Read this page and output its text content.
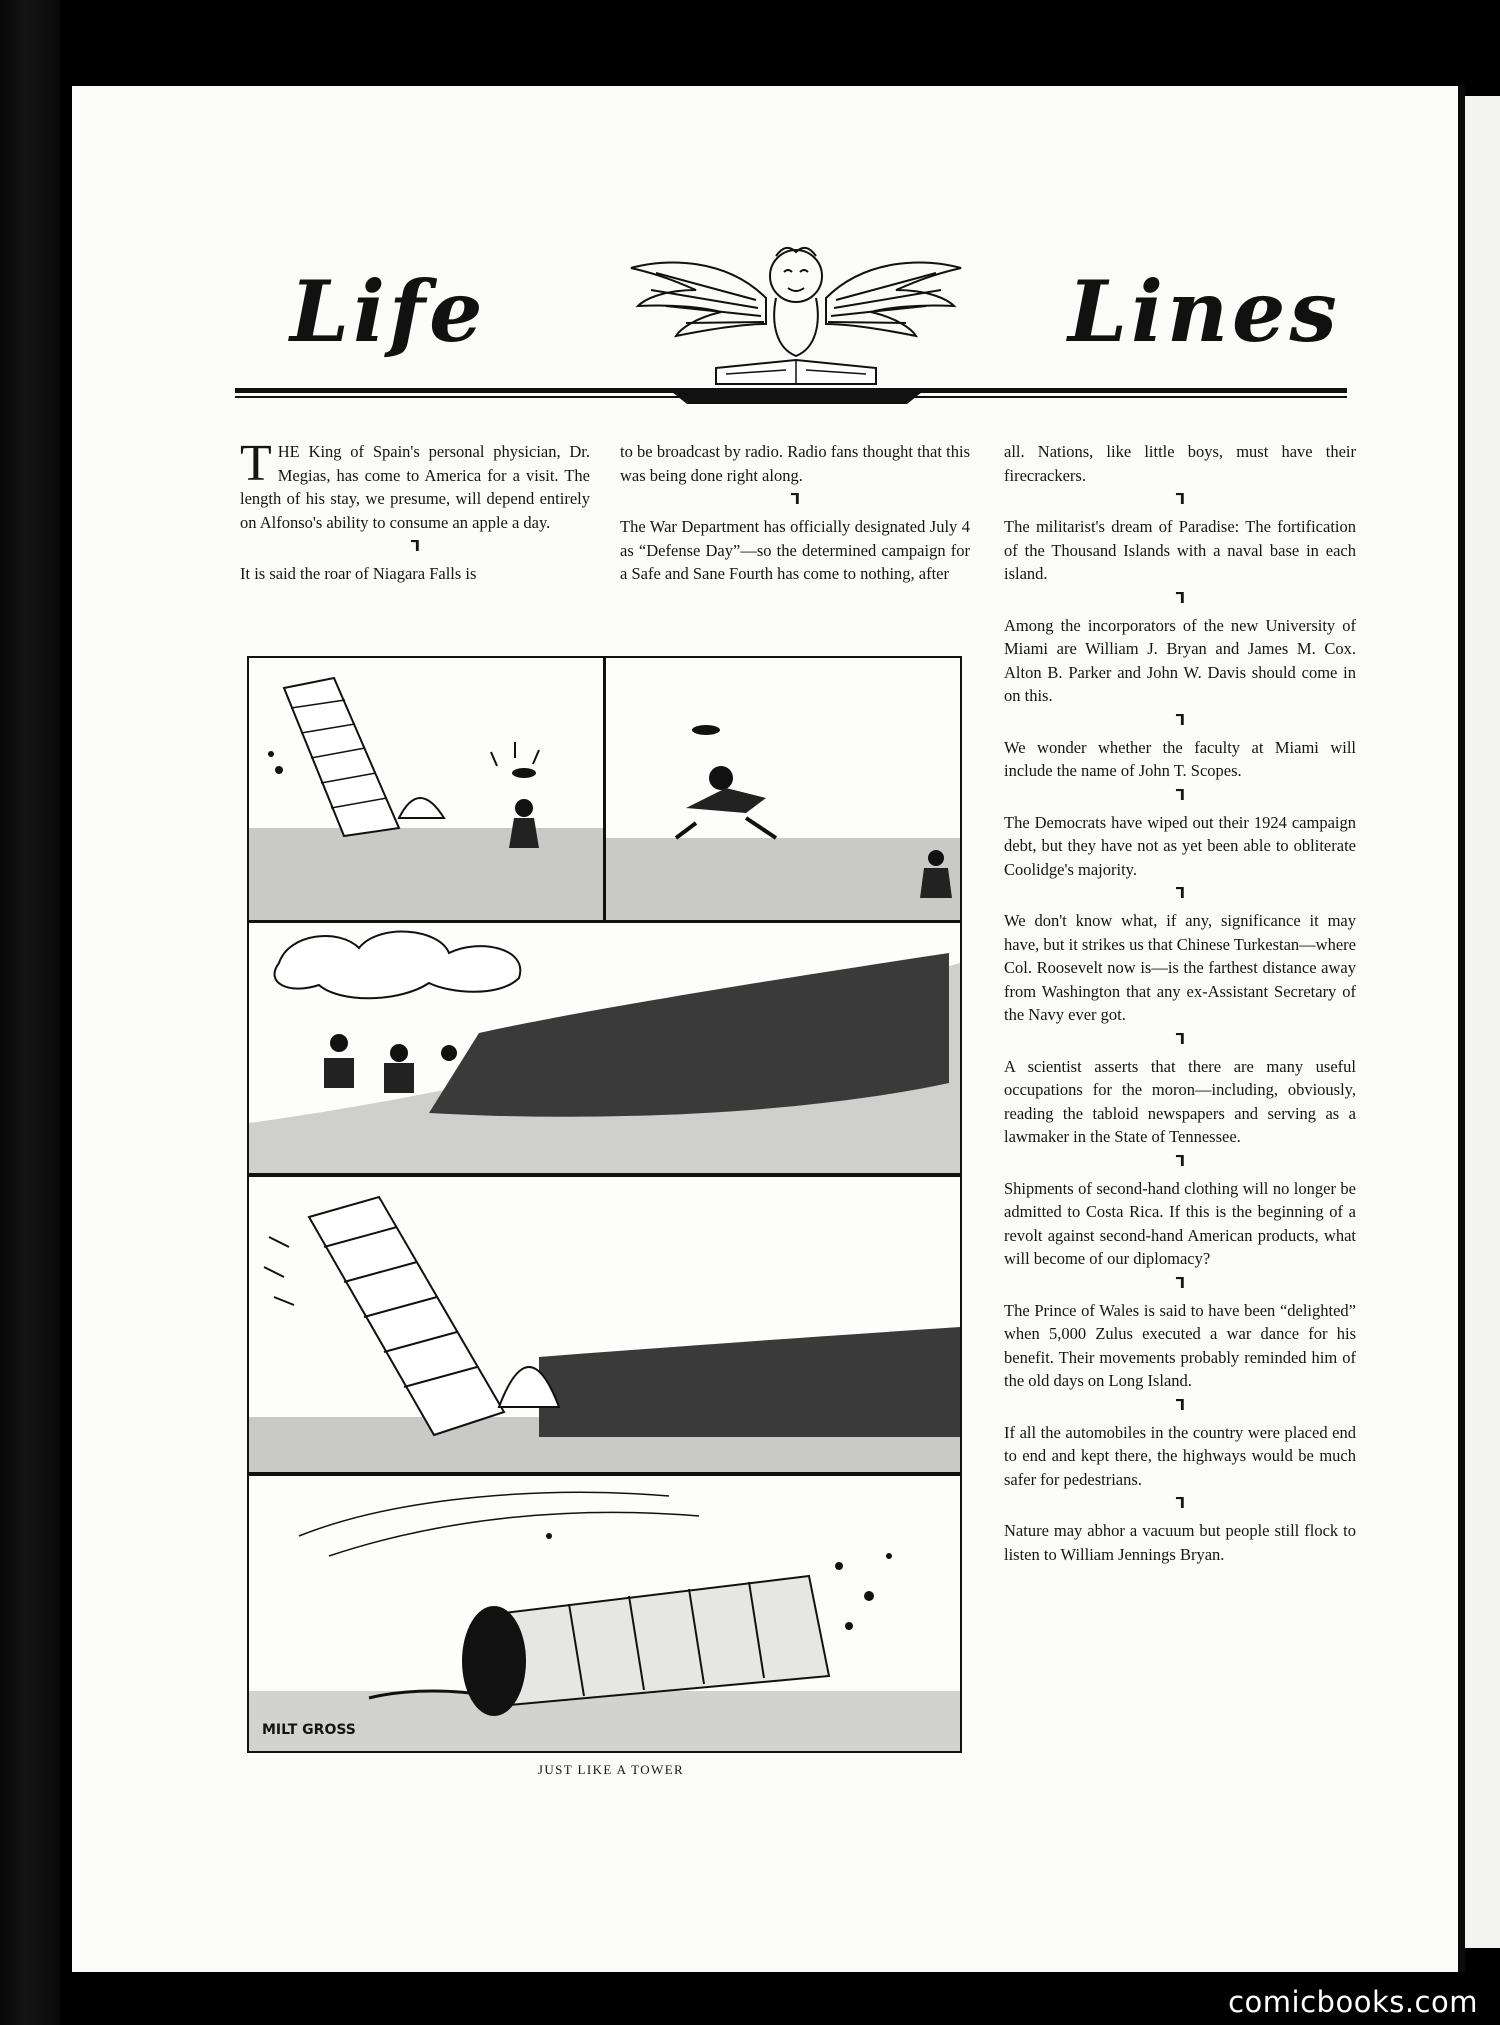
Life	Lines

THE King of Spain's personal physician, Dr. Megias, has come to America for a visit. The length of his stay, we presume, will depend entirely on Alfonso's ability to consume an apple a day.

⅂

It is said the roar of Niagara Falls is

to be broadcast by radio. Radio fans thought that this was being done right along.

⅂

The War Department has officially designated July 4 as “Defense Day”—so the determined campaign for a Safe and Sane Fourth has come to nothing, after

all. Nations, like little boys, must have their firecrackers.

⅂

The militarist's dream of Paradise: The fortification of the Thousand Islands with a naval base in each island.

⅂

Among the incorporators of the new University of Miami are William J. Bryan and James M. Cox. Alton B. Parker and John W. Davis should come in on this.

⅂

We wonder whether the faculty at Miami will include the name of John T. Scopes.

⅂

The Democrats have wiped out their 1924 campaign debt, but they have not as yet been able to obliterate Coolidge's majority.

⅂

We don't know what, if any, significance it may have, but it strikes us that Chinese Turkestan—where Col. Roosevelt now is—is the farthest distance away from Washington that any ex-Assistant Secretary of the Navy ever got.

⅂

A scientist asserts that there are many useful occupations for the moron—including, obviously, reading the tabloid newspapers and serving as a lawmaker in the State of Tennessee.

⅂

Shipments of second-hand clothing will no longer be admitted to Costa Rica. If this is the beginning of a revolt against second-hand American products, what will become of our diplomacy?

⅂

The Prince of Wales is said to have been “delighted” when 5,000 Zulus executed a war dance for his benefit. Their movements probably reminded him of the old days on Long Island.

⅂

If all the automobiles in the country were placed end to end and kept there, the highways would be much safer for pedestrians.

⅂

Nature may abhor a vacuum but people still flock to listen to William Jennings Bryan.

MILT GROSS
JUST LIKE A TOWER
comicbooks.com
